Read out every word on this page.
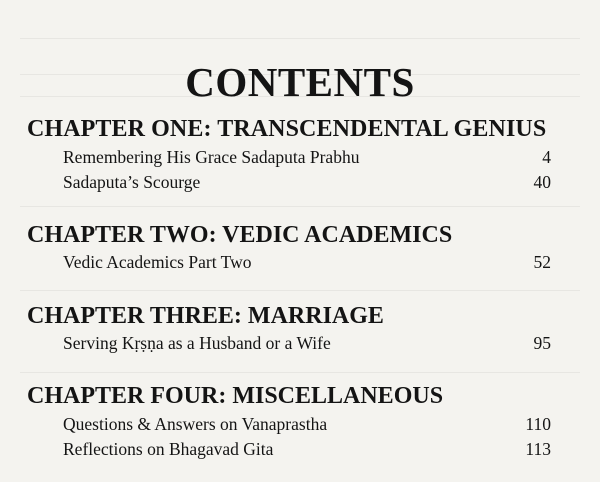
CONTENTS
CHAPTER ONE: TRANSCENDENTAL GENIUS
Remembering His Grace Sadaputa Prabhu	4
Sadaputa’s Scourge	40
CHAPTER TWO: VEDIC ACADEMICS
Vedic Academics Part Two	52
CHAPTER THREE: MARRIAGE
Serving Kṛṣṇa as a Husband or a Wife	95
CHAPTER FOUR: MISCELLANEOUS
Questions & Answers on Vanaprastha	110
Reflections on Bhagavad Gita	113
